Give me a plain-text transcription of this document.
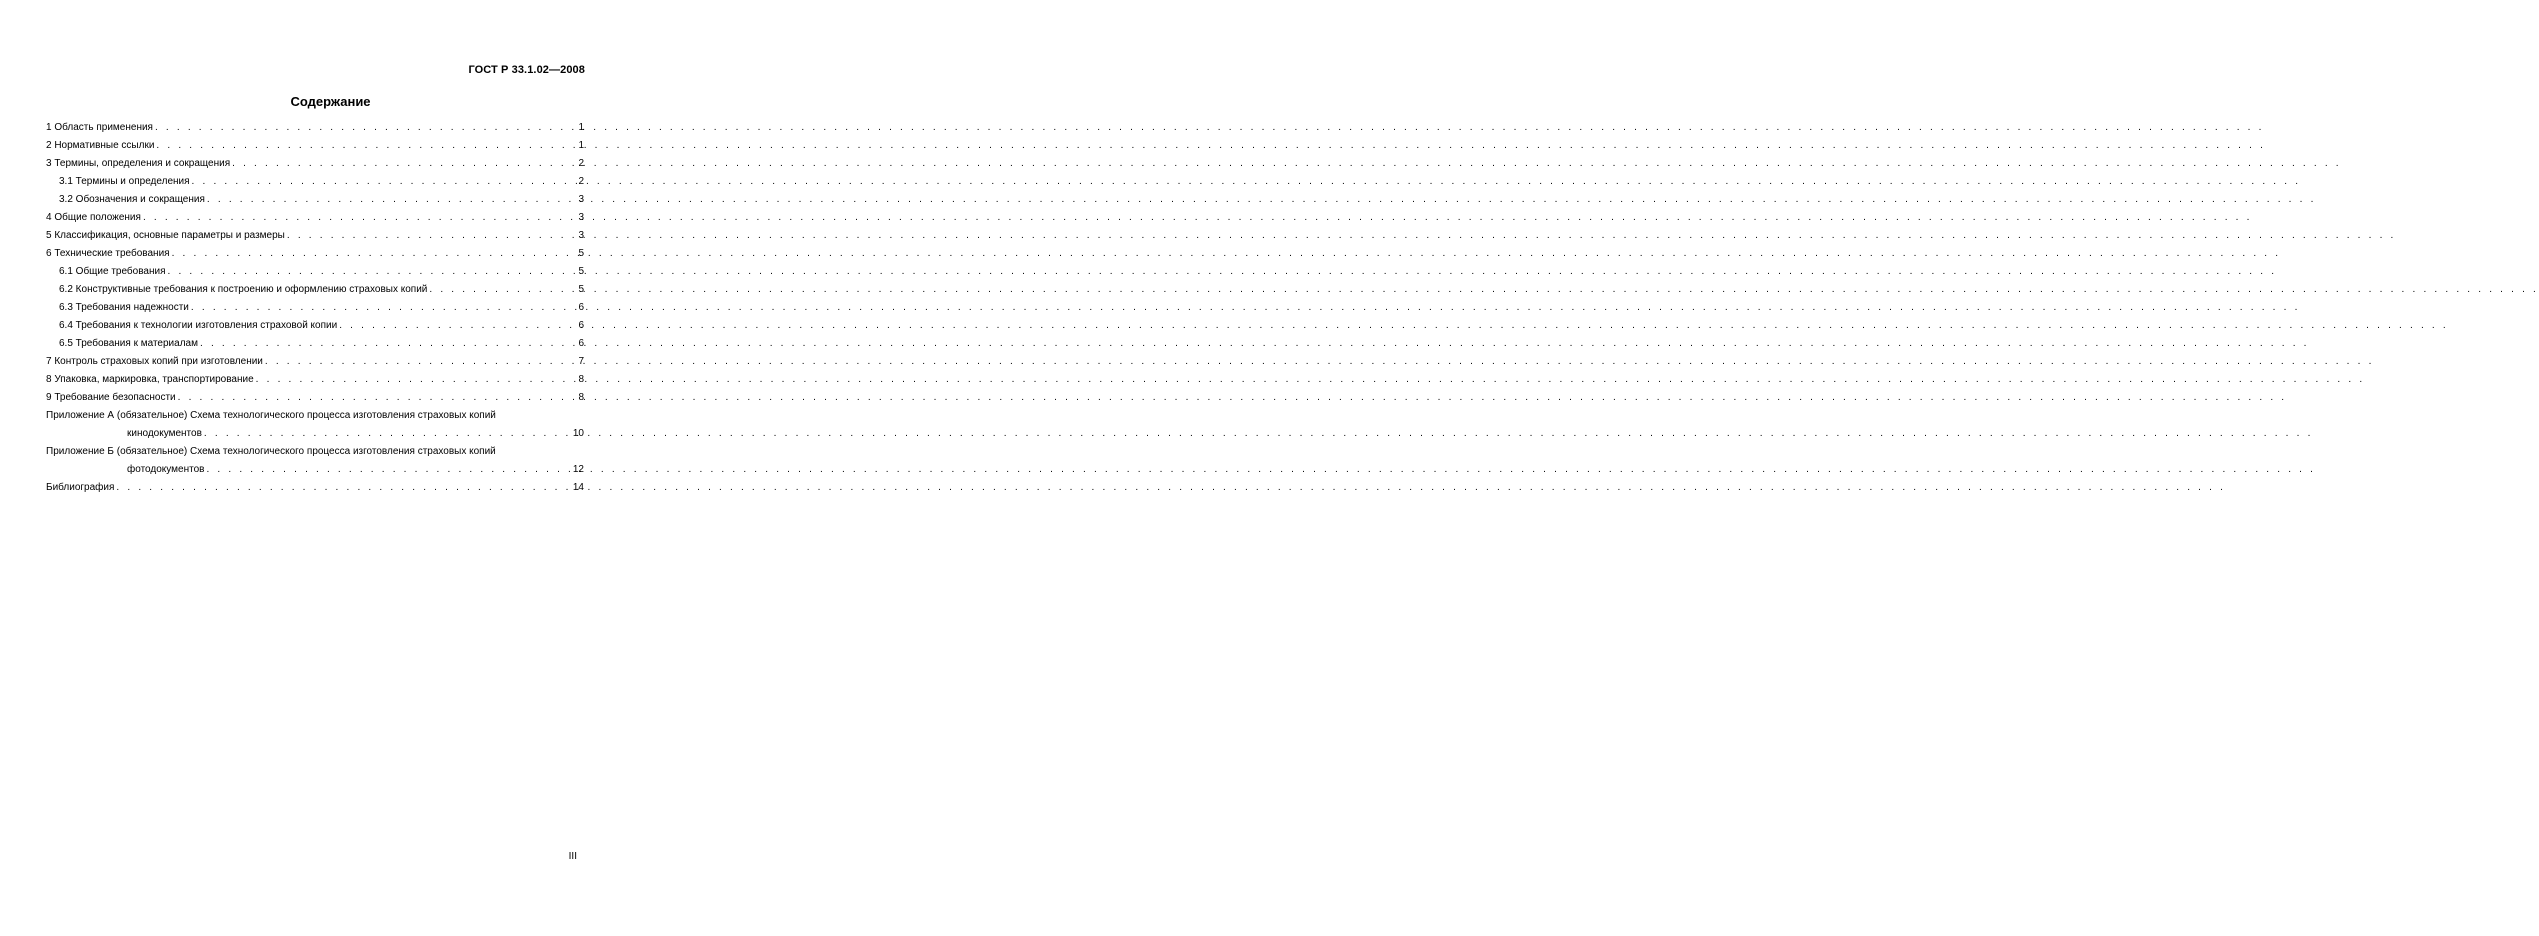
ГОСТ Р 33.1.02—2008
Содержание
1 Область применения . . .	1
2 Нормативные ссылки . . .	1
3 Термины, определения и сокращения . . .	2
3.1 Термины и определения . . .	2
3.2 Обозначения и сокращения . . .	3
4 Общие положения . . .	3
5 Классификация, основные параметры и размеры . . .	3
6 Технические требования . . .	5
6.1 Общие требования . . .	5
6.2 Конструктивные требования к построению и оформлению страховых копий . . .	5
6.3 Требования надежности . . .	6
6.4 Требования к технологии изготовления страховой копии . . .	6
6.5 Требования к материалам . . .	6
7 Контроль страховых копий при изготовлении . . .	7
8 Упаковка, маркировка, транспортирование . . .	8
9 Требование безопасности . . .	8
Приложение А (обязательное) Схема технологического процесса изготовления страховых копий
кинодокументов . . .	10
Приложение Б (обязательное) Схема технологического процесса изготовления страховых копий
фотодокументов . . .	12
Библиография . . .	14
III
